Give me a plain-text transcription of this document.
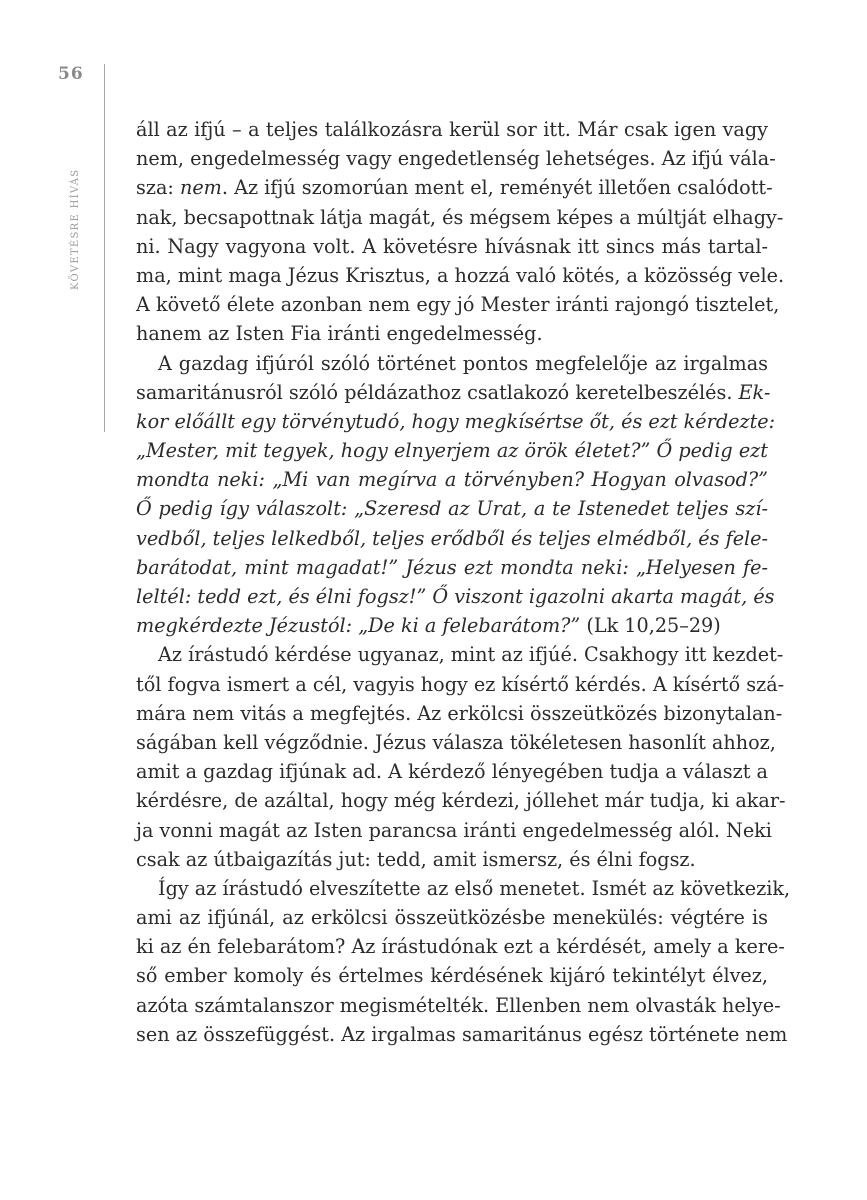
56
KÖVETÉSRE HÍVÁS
áll az ifjú – a teljes találkozásra kerül sor itt. Már csak igen vagy
nem, engedelmesség vagy engedetlenség lehetséges. Az ifjú vála-
sza: nem. Az ifjú szomorúan ment el, reményét illetően csalódott-
nak, becsapottnak látja magát, és mégsem képes a múltját elhagy-
ni. Nagy vagyona volt. A követésre hívásnak itt sincs más tartal-
ma, mint maga Jézus Krisztus, a hozzá való kötés, a közösség vele.
A követő élete azonban nem egy jó Mester iránti rajongó tisztelet,
hanem az Isten Fia iránti engedelmesség.
A gazdag ifjúról szóló történet pontos megfelelője az irgalmas
samaritánusról szóló példázathoz csatlakozó keretelbeszélés. Ek-
kor előállt egy törvénytudó, hogy megkísértse őt, és ezt kérdezte:
„Mester, mit tegyek, hogy elnyerjem az örök életet?” Ő pedig ezt
mondta neki: „Mi van megírva a törvényben? Hogyan olvasod?”
Ő pedig így válaszolt: „Szeresd az Urat, a te Istenedet teljes szí-
vedből, teljes lelkedből, teljes erődből és teljes elmédből, és fele-
barátodat, mint magadat!” Jézus ezt mondta neki: „Helyesen fe-
leltél: tedd ezt, és élni fogsz!” Ő viszont igazolni akarta magát, és
megkérdezte Jézustól: „De ki a felebarátom?” (Lk 10,25–29)
Az írástudó kérdése ugyanaz, mint az ifjúé. Csakhogy itt kezdet-
től fogva ismert a cél, vagyis hogy ez kísértő kérdés. A kísértő szá-
mára nem vitás a megfejtés. Az erkölcsi összeütközés bizonytalan-
ságában kell végződnie. Jézus válasza tökéletesen hasonlít ahhoz,
amit a gazdag ifjúnak ad. A kérdező lényegében tudja a választ a
kérdésre, de azáltal, hogy még kérdezi, jóllehet már tudja, ki akar-
ja vonni magát az Isten parancsa iránti engedelmesség alól. Neki
csak az útbaigazítás jut: tedd, amit ismersz, és élni fogsz.
Így az írástudó elveszítette az első menetet. Ismét az következik,
ami az ifjúnál, az erkölcsi összeütközésbe menekülés: végtére is
ki az én felebarátom? Az írástudónak ezt a kérdését, amely a kere-
ső ember komoly és értelmes kérdésének kijáró tekintélyt élvez,
azóta számtalanszor megismételték. Ellenben nem olvasták helye-
sen az összefüggést. Az irgalmas samaritánus egész története nem
